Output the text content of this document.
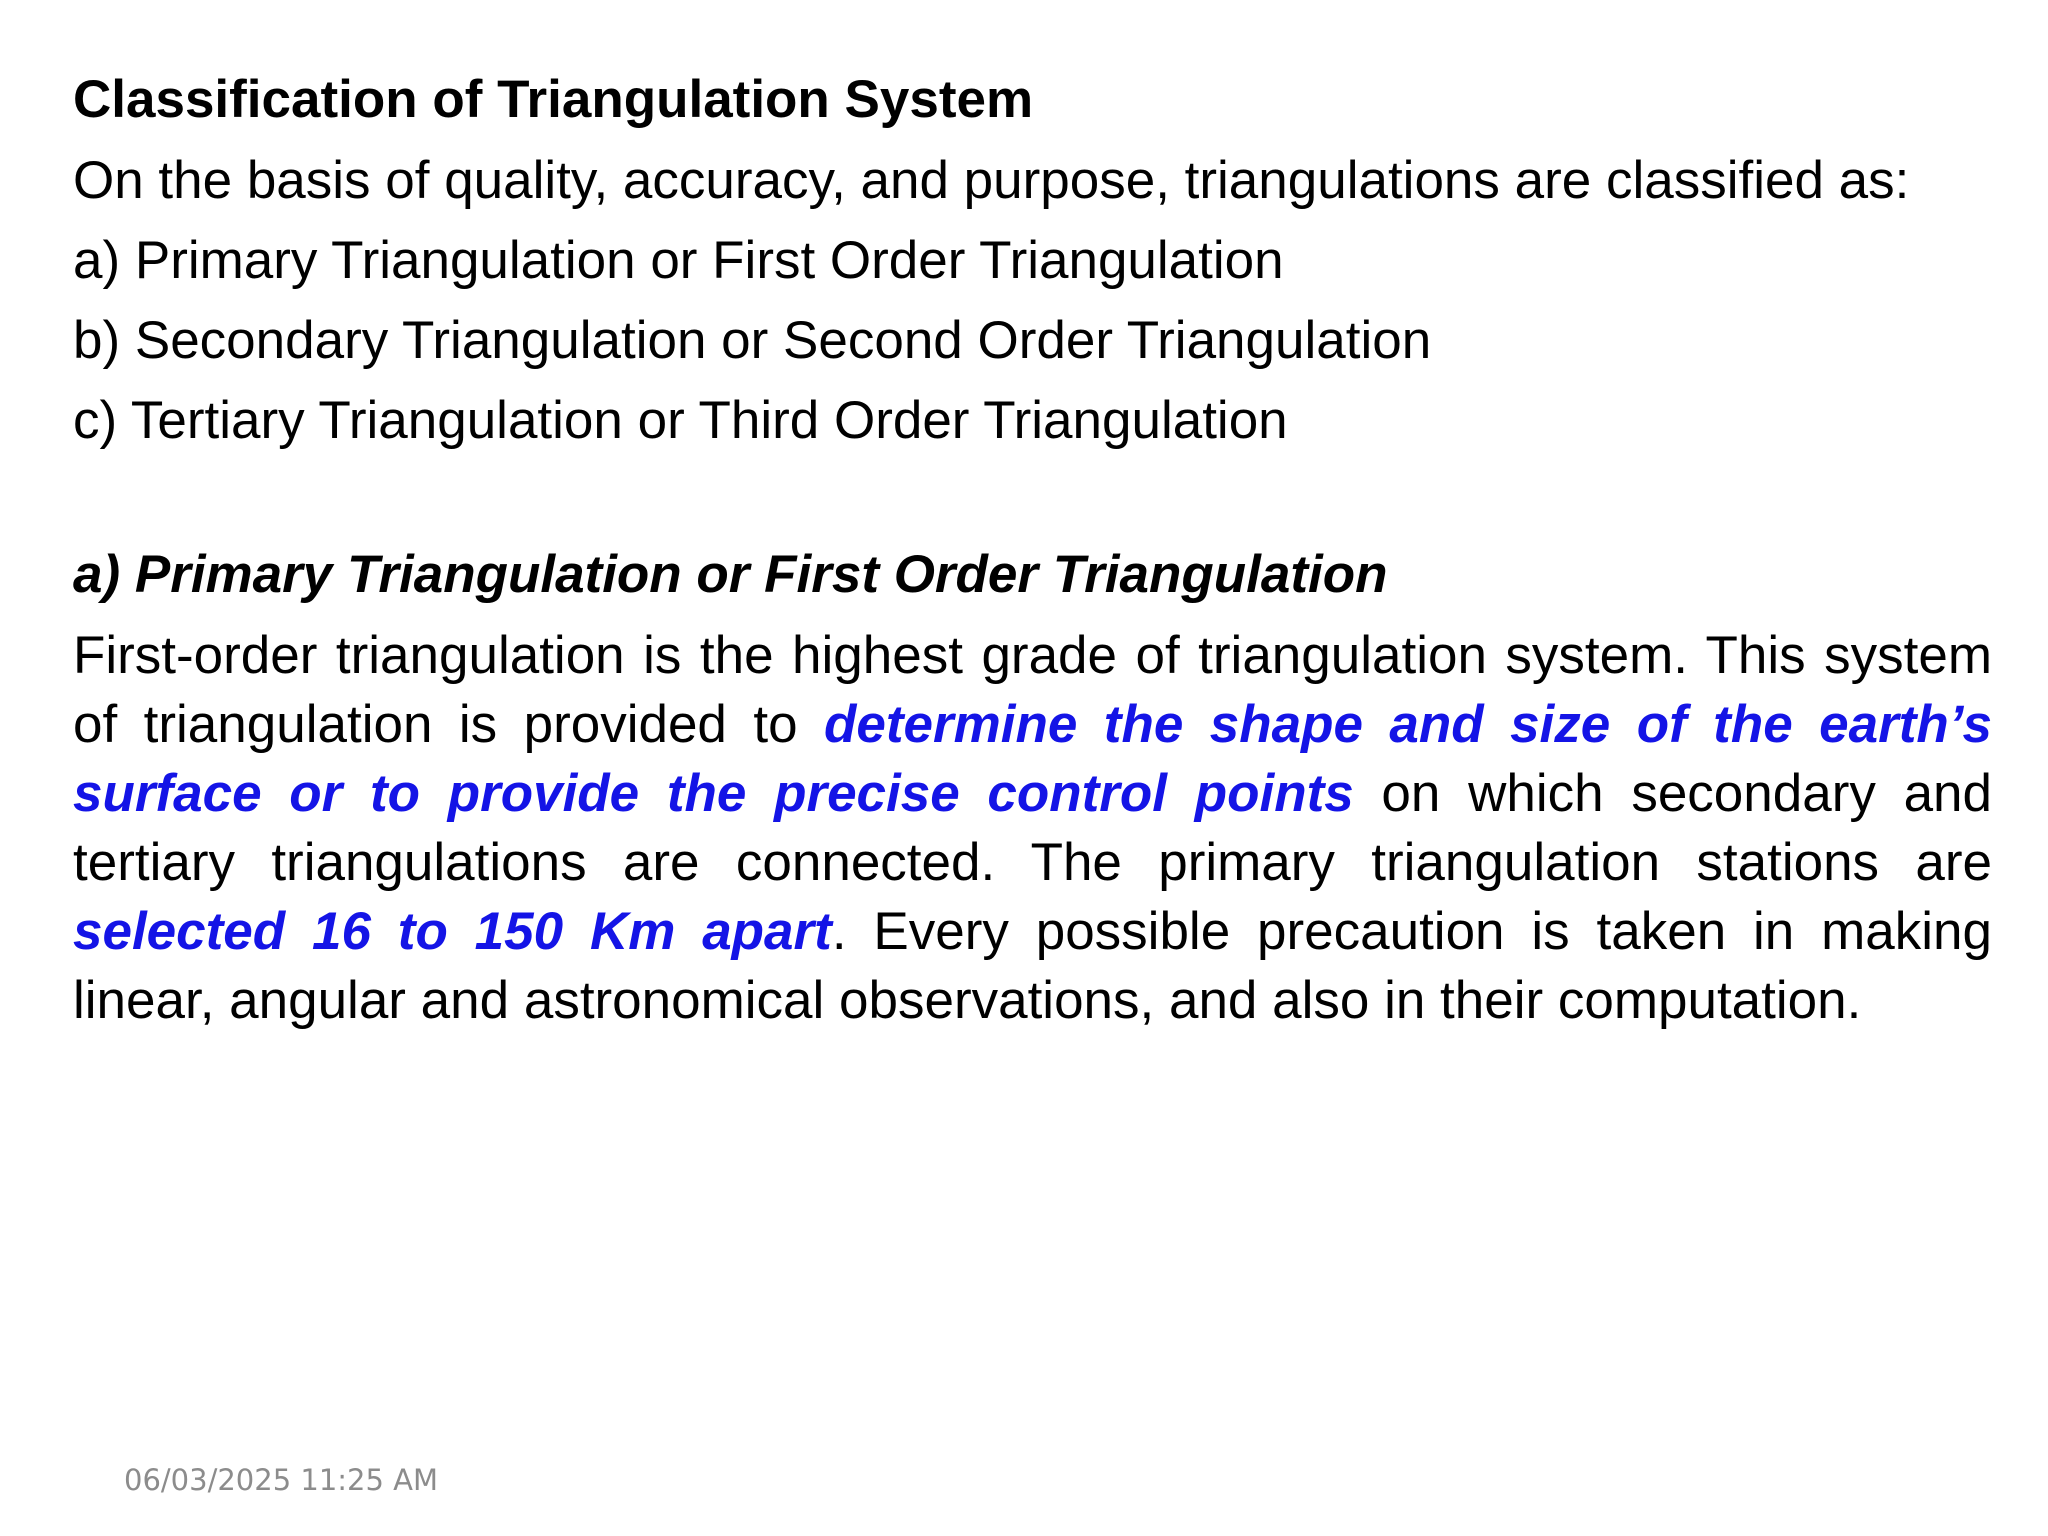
Classification of Triangulation System

On the basis of quality, accuracy, and purpose, triangulations are classified as:

a) Primary Triangulation or First Order Triangulation
b) Secondary Triangulation or Second Order Triangulation
c) Tertiary Triangulation or Third Order Triangulation

a) Primary Triangulation or First Order Triangulation

First-order triangulation is the highest grade of triangulation system. This system of triangulation is provided to determine the shape and size of the earth’s surface or to provide the precise control points on which secondary and tertiary triangulations are connected. The primary triangulation stations are selected 16 to 150 Km apart. Every possible precaution is taken in making linear, angular and astronomical observations, and also in their computation.

06/03/2025 11:25 AM
